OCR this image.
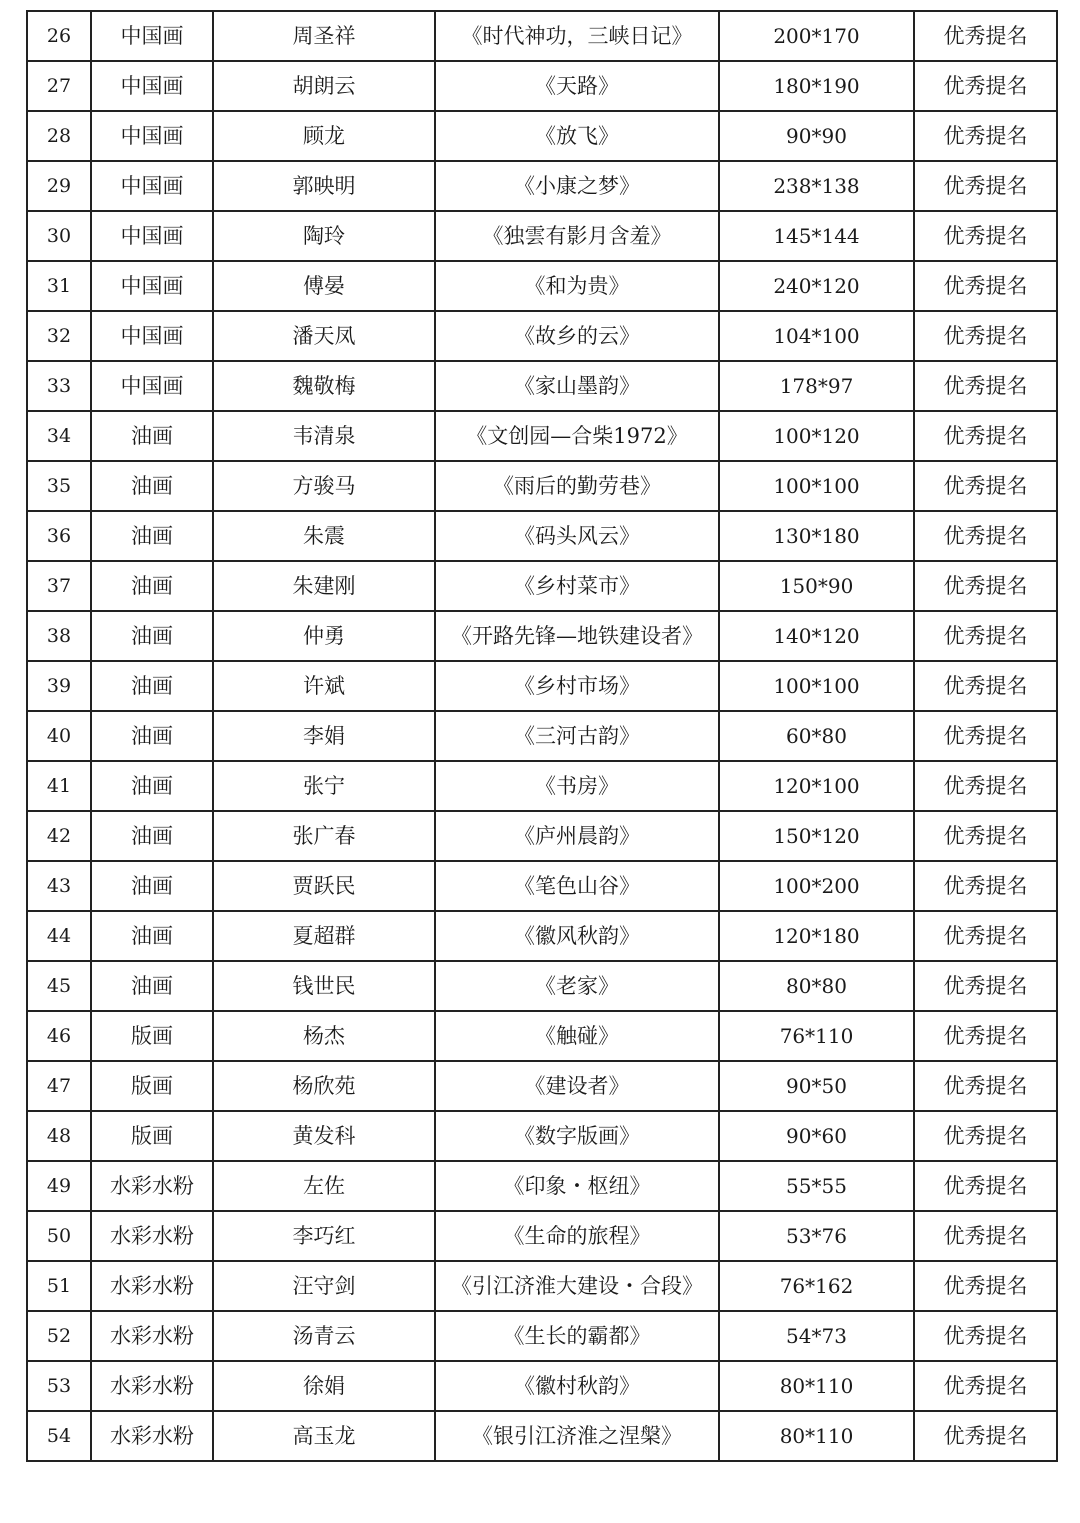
26	中国画	周圣祥	《时代神功，三峡日记》	200*170	优秀提名
27	中国画	胡朗云	《天路》	180*190	优秀提名
28	中国画	顾龙	《放飞》	90*90	优秀提名
29	中国画	郭映明	《小康之梦》	238*138	优秀提名
30	中国画	陶玲	《独雲有影月含羞》	145*144	优秀提名
31	中国画	傅晏	《和为贵》	240*120	优秀提名
32	中国画	潘天凤	《故乡的云》	104*100	优秀提名
33	中国画	魏敬梅	《家山墨韵》	178*97	优秀提名
34	油画	韦清泉	《文创园—合柴1972》	100*120	优秀提名
35	油画	方骏马	《雨后的勤劳巷》	100*100	优秀提名
36	油画	朱震	《码头风云》	130*180	优秀提名
37	油画	朱建刚	《乡村菜市》	150*90	优秀提名
38	油画	仲勇	《开路先锋—地铁建设者》	140*120	优秀提名
39	油画	许斌	《乡村市场》	100*100	优秀提名
40	油画	李娟	《三河古韵》	60*80	优秀提名
41	油画	张宁	《书房》	120*100	优秀提名
42	油画	张广春	《庐州晨韵》	150*120	优秀提名
43	油画	贾跃民	《笔色山谷》	100*200	优秀提名
44	油画	夏超群	《徽风秋韵》	120*180	优秀提名
45	油画	钱世民	《老家》	80*80	优秀提名
46	版画	杨杰	《触碰》	76*110	优秀提名
47	版画	杨欣苑	《建设者》	90*50	优秀提名
48	版画	黄发科	《数字版画》	90*60	优秀提名
49	水彩水粉	左佐	《印象・枢纽》	55*55	优秀提名
50	水彩水粉	李巧红	《生命的旅程》	53*76	优秀提名
51	水彩水粉	汪守剑	《引江济淮大建设・合段》	76*162	优秀提名
52	水彩水粉	汤青云	《生长的霸都》	54*73	优秀提名
53	水彩水粉	徐娟	《徽村秋韵》	80*110	优秀提名
54	水彩水粉	高玉龙	《银引江济淮之涅槃》	80*110	优秀提名
